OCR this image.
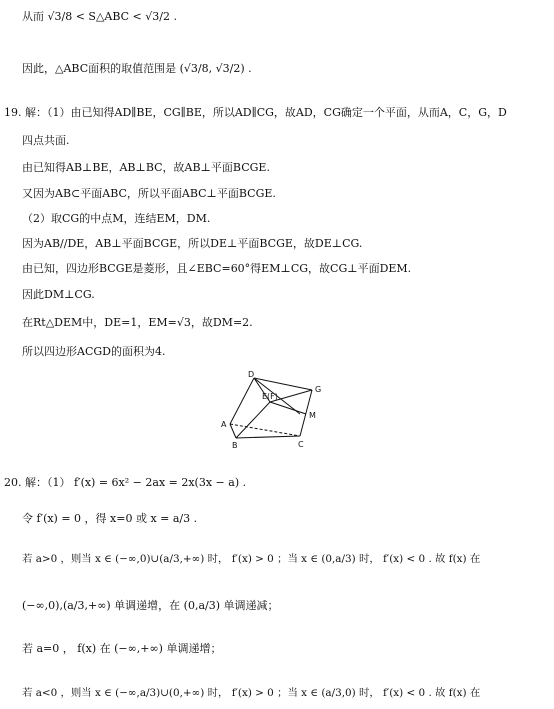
从而 √3/8 < S△ABC < √3/2 .
因此，△ABC面积的取值范围是 (√3/8, √3/2) .
19. 解：（1）由已知得AD∥BE，CG∥BE，所以AD∥CG，故AD，CG确定一个平面，从而A，C，G，D
四点共面.
由已知得AB⊥BE，AB⊥BC，故AB⊥平面BCGE.
又因为AB⊂平面ABC，所以平面ABC⊥平面BCGE.
（2）取CG的中点M，连结EM，DM.
因为AB//DE，AB⊥平面BCGE，所以DE⊥平面BCGE，故DE⊥CG.
由已知，四边形BCGE是菱形，且∠EBC=60°得EM⊥CG，故CG⊥平面DEM.
因此DM⊥CG.
在Rt△DEM中，DE=1，EM=√3，故DM=2.
所以四边形ACGD的面积为4.
D
G
E(F)
M
A
B	C
20. 解：（1） f′(x) = 6x² − 2ax = 2x(3x − a) .
令 f′(x) = 0 ，得 x=0 或 x = a/3 .
若 a>0 ，则当 x ∈ (−∞,0)∪(a/3,+∞) 时， f′(x) > 0 ；当 x ∈ (0,a/3) 时， f′(x) < 0 . 故 f(x) 在
(−∞,0),(a/3,+∞) 单调递增，在 (0,a/3) 单调递减；
若 a=0 ， f(x) 在 (−∞,+∞) 单调递增；
若 a<0 ，则当 x ∈ (−∞,a/3)∪(0,+∞) 时， f′(x) > 0 ；当 x ∈ (a/3,0) 时， f′(x) < 0 . 故 f(x) 在
